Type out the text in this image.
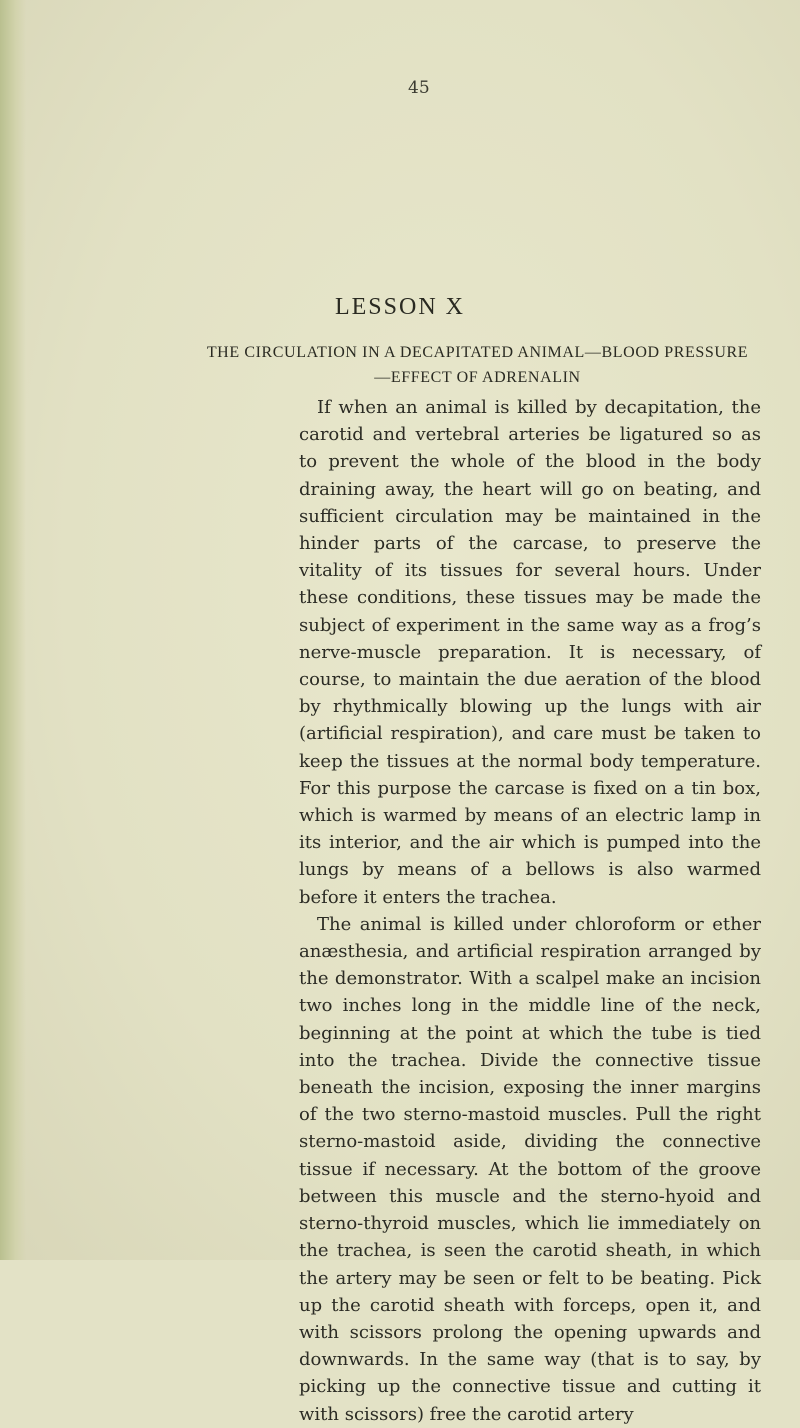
45
LESSON X
THE CIRCULATION IN A DECAPITATED ANIMAL—BLOOD PRESSURE—EFFECT OF ADRENALIN

If when an animal is killed by decapitation, the carotid and vertebral arteries be ligatured so as to prevent the whole of the blood in the body draining away, the heart will go on beating, and sufficient circulation may be maintained in the hinder parts of the carcase, to preserve the vitality of its tissues for several hours. Under these conditions, these tissues may be made the subject of experiment in the same way as a frog’s nerve-muscle preparation. It is necessary, of course, to maintain the due aeration of the blood by rhythmically blowing up the lungs with air (artificial respiration), and care must be taken to keep the tissues at the normal body temperature. For this purpose the carcase is fixed on a tin box, which is warmed by means of an electric lamp in its interior, and the air which is pumped into the lungs by means of a bellows is also warmed before it enters the trachea.

The animal is killed under chloroform or ether anæsthesia, and artificial respiration arranged by the demonstrator. With a scalpel make an incision two inches long in the middle line of the neck, beginning at the point at which the tube is tied into the trachea. Divide the connective tissue beneath the incision, exposing the inner margins of the two sterno-mastoid muscles. Pull the right sterno-mastoid aside, dividing the connective tissue if necessary. At the bottom of the groove between this muscle and the sterno-hyoid and sterno-thyroid muscles, which lie immediately on the trachea, is seen the carotid sheath, in which the artery may be seen or felt to be beating. Pick up the carotid sheath with forceps, open it, and with scissors prolong the opening upwards and downwards. In the same way (that is to say, by picking up the connective tissue and cutting it with scissors) free the carotid artery
